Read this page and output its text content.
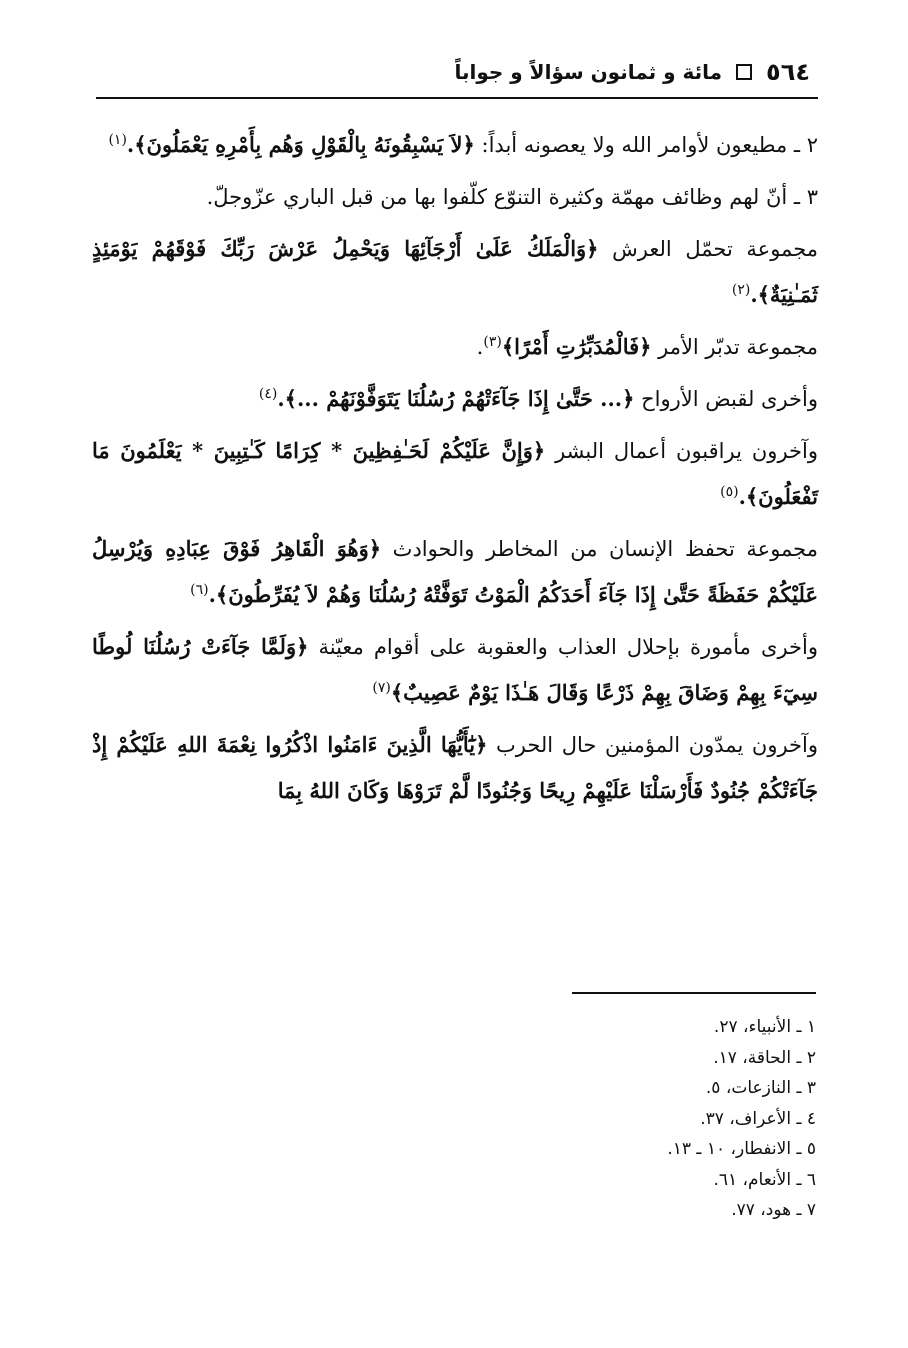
٥٦٤
مائة و ثمانون سؤالاً و جواباً

٢ ـ مطيعون لأوامر الله ولا يعصونه أبداً: ﴿لاَ يَسْبِقُونَهُ بِالْقَوْلِ وَهُم بِأَمْرِهِ يَعْمَلُونَ﴾.$^{(١)}$

٣ ـ أنّ لهم وظائف مهمّة وكثيرة التنوّع كلّفوا بها من قبل الباري عزّوجلّ.

مجموعة تحمّل العرش ﴿وَالْمَلَكُ عَلَىٰ أَرْجَآئِهَا وَيَحْمِلُ عَرْشَ رَبِّكَ فَوْقَهُمْ يَوْمَئِذٍ ثَمَـٰنِيَةٌ﴾.$^{(٢)}$

مجموعة تدبّر الأمر ﴿فَالْمُدَبِّرَٰتِ أَمْرًا﴾$^{(٣)}$.

وأخرى لقبض الأرواح ﴿... حَتَّىٰ إِذَا جَآءَتْهُمْ رُسُلُنَا يَتَوَفَّوْنَهُمْ ...﴾.$^{(٤)}$

وآخرون يراقبون أعمال البشر ﴿وَإِنَّ عَلَيْكُمْ لَحَـٰفِظِينَ * كِرَامًا كَـٰتِبِينَ * يَعْلَمُونَ مَا تَفْعَلُونَ﴾.$^{(٥)}$

مجموعة تحفظ الإنسان من المخاطر والحوادث ﴿وَهُوَ الْقَاهِرُ فَوْقَ عِبَادِهِ وَيُرْسِلُ عَلَيْكُمْ حَفَظَةً حَتَّىٰ إِذَا جَآءَ أَحَدَكُمُ الْمَوْتُ تَوَفَّتْهُ رُسُلُنَا وَهُمْ لاَ يُفَرِّطُونَ﴾.$^{(٦)}$

وأخرى مأمورة بإحلال العذاب والعقوبة على أقوام معيّنة ﴿وَلَمَّا جَآءَتْ رُسُلُنَا لُوطًا سِيٓءَ بِهِمْ وَضَاقَ بِهِمْ ذَرْعًا وَقَالَ هَـٰذَا يَوْمٌ عَصِيبٌ﴾$^{(٧)}$

وآخرون يمدّون المؤمنين حال الحرب ﴿يَٰٓأَيُّهَا الَّذِينَ ءَامَنُوا اذْكُرُوا نِعْمَةَ اللهِ عَلَيْكُمْ إِذْ جَآءَتْكُمْ جُنُودٌ فَأَرْسَلْنَا عَلَيْهِمْ رِيحًا وَجُنُودًا لَّمْ تَرَوْهَا وَكَانَ اللهُ بِمَا

١ ـ الأنبياء، ٢٧.

٢ ـ الحاقة، ١٧.

٣ ـ النازعات، ٥.

٤ ـ الأعراف، ٣٧.

٥ ـ الانفطار، ١٠ ـ ١٣.

٦ ـ الأنعام، ٦١.

٧ ـ هود، ٧٧.
